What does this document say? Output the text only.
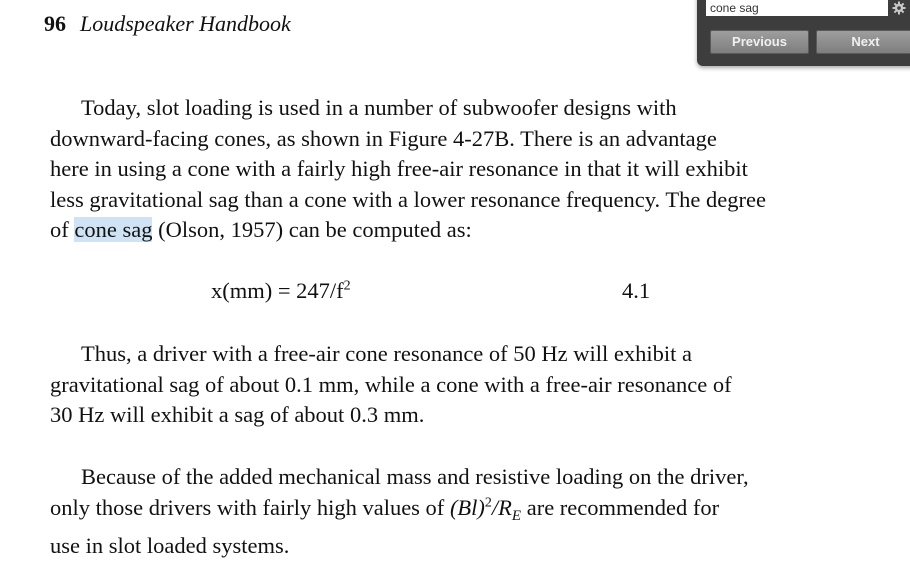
96 Loudspeaker Handbook
Today, slot loading is used in a number of subwoofer designs with
downward-facing cones, as shown in Figure 4-27B. There is an advantage
here in using a cone with a fairly high free-air resonance in that it will exhibit
less gravitational sag than a cone with a lower resonance frequency. The degree
of cone sag (Olson, 1957) can be computed as:
$x(mm) = 247/f^2$	4.1
Thus, a driver with a free-air cone resonance of 50 Hz will exhibit a
gravitational sag of about 0.1 mm, while a cone with a free-air resonance of
30 Hz will exhibit a sag of about 0.3 mm.
Because of the added mechanical mass and resistive loading on the driver,
only those drivers with fairly high values of $(Bl)^2/R_E$ are recommended for
use in slot loaded systems.
cone sag
Previous	Next
